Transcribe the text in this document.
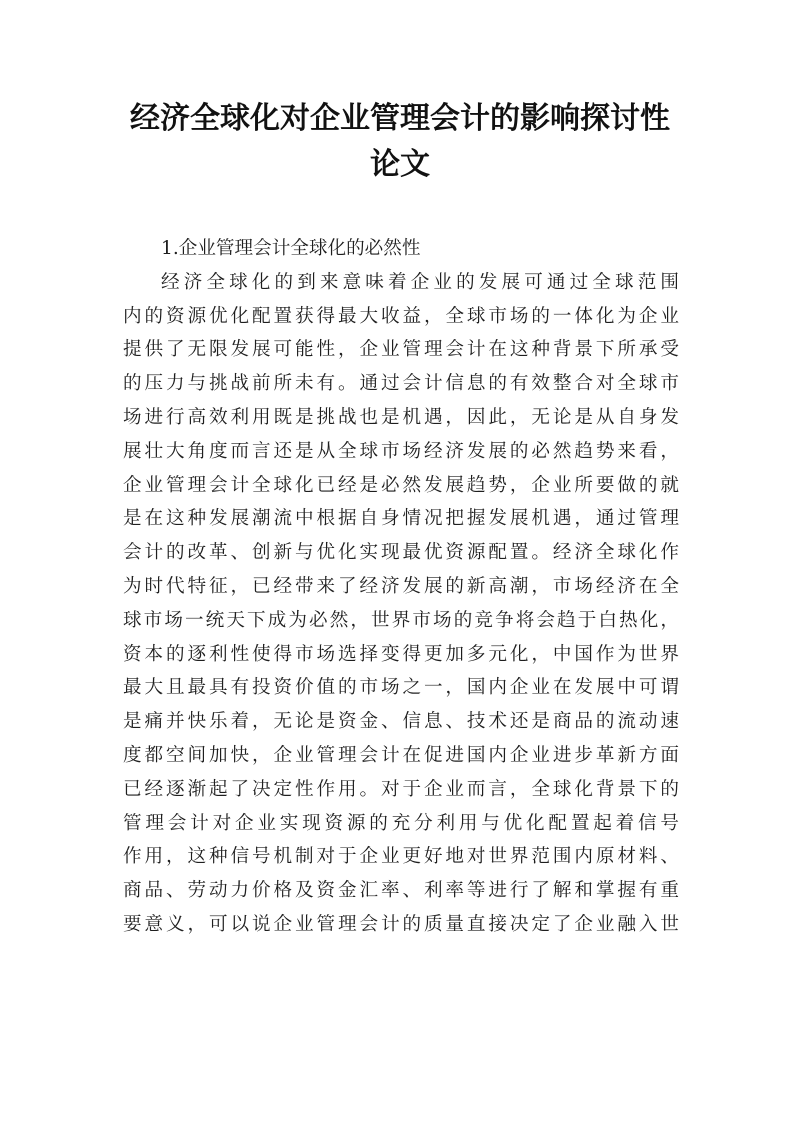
经济全球化对企业管理会计的影响探讨性
论文
1.企业管理会计全球化的必然性
经济全球化的到来意味着企业的发展可通过全球范围
内的资源优化配置获得最大收益，全球市场的一体化为企业
提供了无限发展可能性，企业管理会计在这种背景下所承受
的压力与挑战前所未有。通过会计信息的有效整合对全球市
场进行高效利用既是挑战也是机遇，因此，无论是从自身发
展壮大角度而言还是从全球市场经济发展的必然趋势来看，
企业管理会计全球化已经是必然发展趋势，企业所要做的就
是在这种发展潮流中根据自身情况把握发展机遇，通过管理
会计的改革、创新与优化实现最优资源配置。经济全球化作
为时代特征，已经带来了经济发展的新高潮，市场经济在全
球市场一统天下成为必然，世界市场的竞争将会趋于白热化，
资本的逐利性使得市场选择变得更加多元化，中国作为世界
最大且最具有投资价值的市场之一，国内企业在发展中可谓
是痛并快乐着，无论是资金、信息、技术还是商品的流动速
度都空间加快，企业管理会计在促进国内企业进步革新方面
已经逐渐起了决定性作用。对于企业而言，全球化背景下的
管理会计对企业实现资源的充分利用与优化配置起着信号
作用，这种信号机制对于企业更好地对世界范围内原材料、
商品、劳动力价格及资金汇率、利率等进行了解和掌握有重
要意义，可以说企业管理会计的质量直接决定了企业融入世
